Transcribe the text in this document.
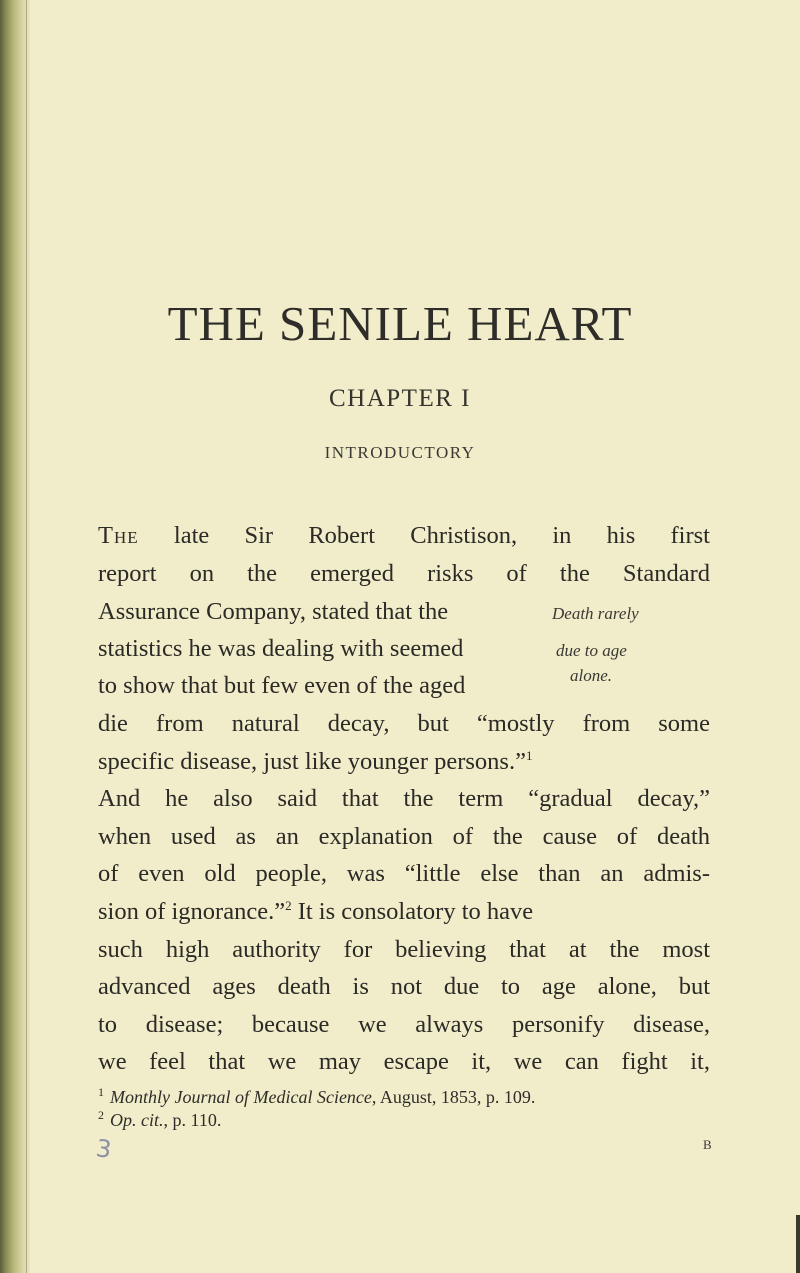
THE SENILE HEART
CHAPTER I
INTRODUCTORY
The late Sir Robert Christison, in his first
report on the emerged risks of the Standard
Assurance Company, stated that the
statistics he was dealing with seemed
to show that but few even of the aged
die from natural decay, but “mostly from some
specific disease, just like younger persons.”$^1$
And he also said that the term “gradual decay,”
when used as an explanation of the cause of death
of even old people, was “little else than an admis-
sion of ignorance.”$^2$ It is consolatory to have
such high authority for believing that at the most
advanced ages death is not due to age alone, but
to disease; because we always personify disease,
we feel that we may escape it, we can fight it,
Death rarely
due to age
alone.
$^1$ Monthly Journal of Medical Science, August, 1853, p. 109.
$^2$ Op. cit., p. 110.
3	B
